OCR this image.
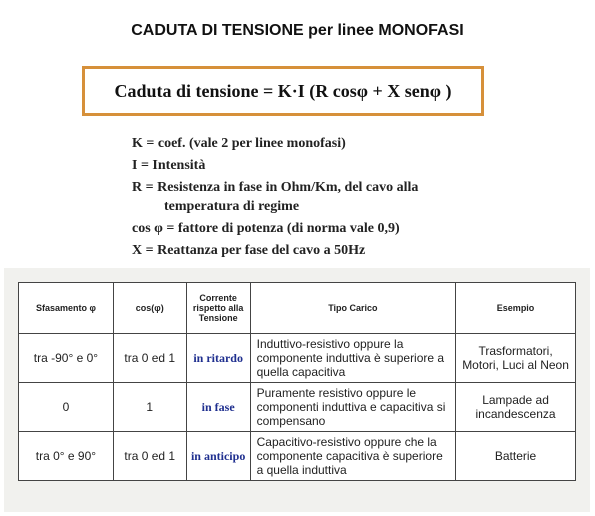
CADUTA DI TENSIONE per linee MONOFASI
Caduta di tensione = K·I (R cosφ + X senφ )
K = coef. (vale 2 per linee monofasi)
I = Intensità
R = Resistenza in fase in Ohm/Km, del cavo alla
temperatura di regime
cos φ = fattore di potenza (di norma vale 0,9)
X = Reattanza per fase del cavo a 50Hz
Sfasamento φ	cos(φ)	Corrente rispetto alla Tensione	Tipo Carico	Esempio
tra -90° e 0°	tra 0 ed 1	in ritardo	Induttivo-resistivo oppure la componente induttiva è superiore a quella capacitiva	Trasformatori, Motori, Luci al Neon
0	1	in fase	Puramente resistivo oppure le componenti induttiva e capacitiva si compensano	Lampade ad incandescenza
tra 0° e 90°	tra 0 ed 1	in anticipo	Capacitivo-resistivo oppure che la componente capacitiva è superiore a quella induttiva	Batterie
